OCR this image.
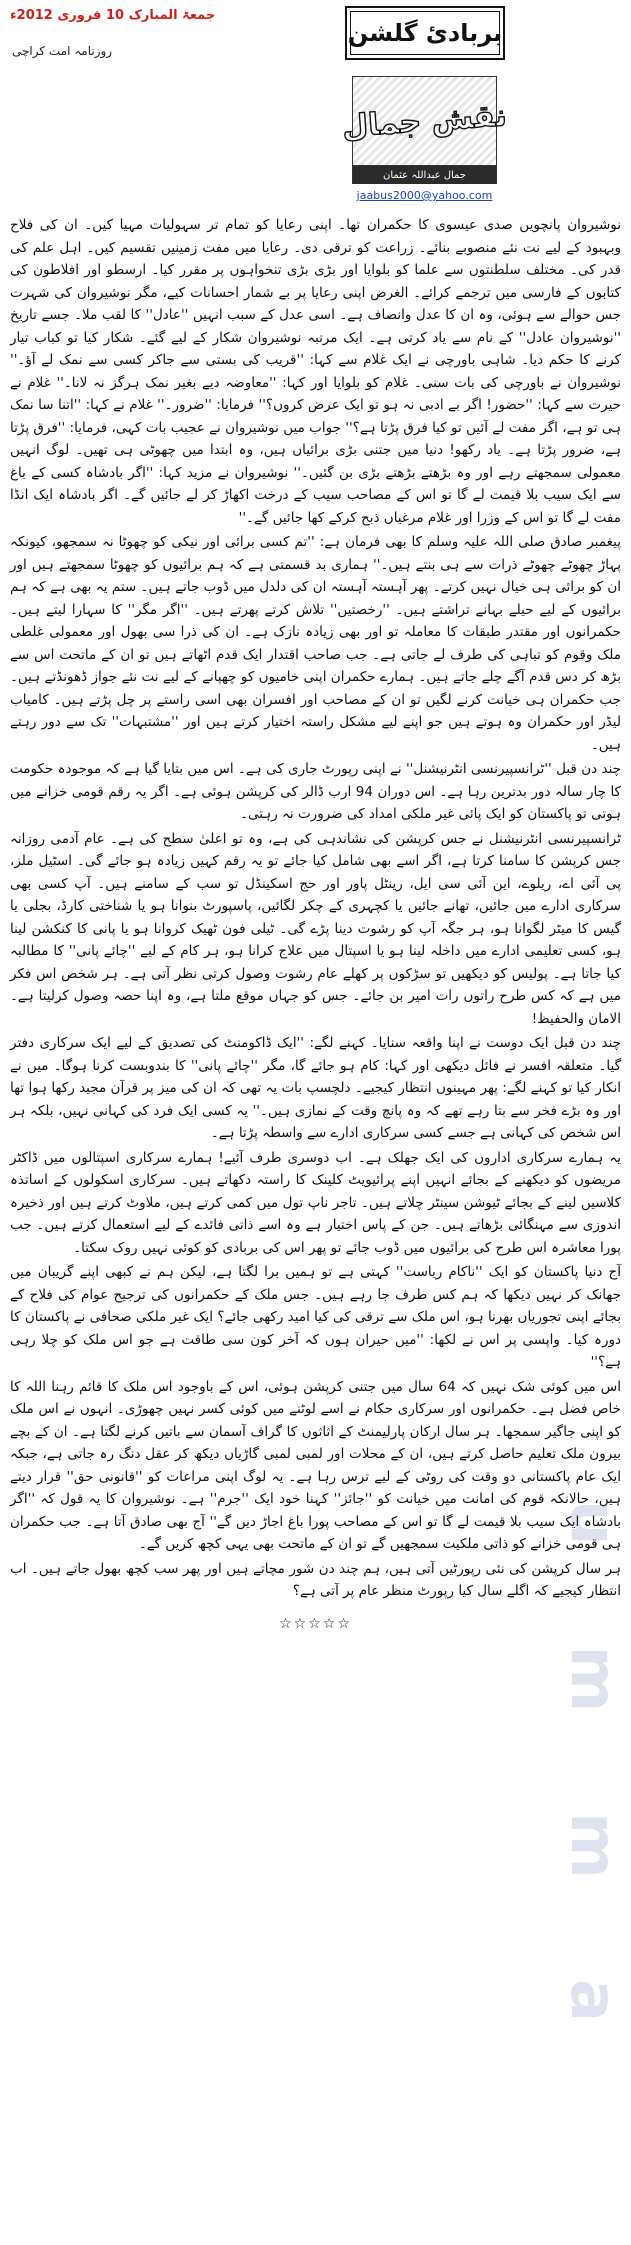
جمعۃ المبارک 10 فروری 2012ء
روزنامہ امت کراچی
بربادیٔ گلشن
نقش جمال
جمال عبداللہ عثمان
jaabus2000@yahoo.com

نوشیروان پانچویں صدی عیسوی کا حکمران تھا۔ اپنی رعایا کو تمام تر سہولیات مہیا کیں۔ ان کی فلاح وبہبود کے لیے نت نئے منصوبے بنائے۔ زراعت کو ترقی دی۔ رعایا میں مفت زمینیں تقسیم کیں۔ اہل علم کی قدر کی۔ مختلف سلطنتوں سے علما کو بلوایا اور بڑی بڑی تنخواہوں پر مقرر کیا۔ ارسطو اور افلاطون کی کتابوں کے فارسی میں ترجمے کرائے۔ الغرض اپنی رعایا پر بے شمار احسانات کیے، مگر نوشیروان کی شہرت جس حوالے سے ہوئی، وہ ان کا عدل وانصاف ہے۔ اسی عدل کے سبب انہیں ''عادل'' کا لقب ملا۔ جسے تاریخ ''نوشیروان عادل'' کے نام سے یاد کرتی ہے۔ ایک مرتبہ نوشیروان شکار کے لیے گئے۔ شکار کیا تو کباب تیار کرنے کا حکم دیا۔ شاہی باورچی نے ایک غلام سے کہا: ''قریب کی بستی سے جاکر کسی سے نمک لے آؤ۔'' نوشیروان نے باورچی کی بات سنی۔ غلام کو بلوایا اور کہا: ''معاوضہ دیے بغیر نمک ہرگز نہ لانا۔'' غلام نے حیرت سے کہا: ''حضور! اگر بے ادبی نہ ہو تو ایک عرض کروں؟'' فرمایا: ''ضرور۔'' غلام نے کہا: ''اتنا سا نمک ہی تو ہے، اگر مفت لے آئیں تو کیا فرق پڑتا ہے؟'' جواب میں نوشیروان نے عجیب بات کہی، فرمایا: ''فرق پڑتا ہے، ضرور پڑتا ہے۔ یاد رکھو! دنیا میں جتنی بڑی برائیاں ہیں، وہ ابتدا میں چھوٹی ہی تھیں۔ لوگ انہیں معمولی سمجھتے رہے اور وہ بڑھتے بڑھتے بڑی بن گئیں۔'' نوشیروان نے مزید کہا: ''اگر بادشاہ کسی کے باغ سے ایک سیب بلا قیمت لے گا تو اس کے مصاحب سیب کے درخت اکھاڑ کر لے جائیں گے۔ اگر بادشاہ ایک انڈا مفت لے گا تو اس کے وزرا اور غلام مرغیاں ذبح کرکے کھا جائیں گے۔''

پیغمبر صادق صلی اللہ علیہ وسلم کا بھی فرمان ہے: ''تم کسی برائی اور نیکی کو چھوٹا نہ سمجھو، کیونکہ پہاڑ چھوٹے چھوٹے ذرات سے ہی بنتے ہیں۔'' ہماری بد قسمتی ہے کہ ہم برائیوں کو چھوٹا سمجھتے ہیں اور ان کو برائی ہی خیال نہیں کرتے۔ پھر آہستہ آہستہ ان کی دلدل میں ڈوب جاتے ہیں۔ ستم یہ بھی ہے کہ ہم برائیوں کے لیے حیلے بہانے تراشتے ہیں۔ ''رخصتیں'' تلاش کرتے پھرتے ہیں۔ ''اگر مگر'' کا سہارا لیتے ہیں۔ حکمرانوں اور مقتدر طبقات کا معاملہ تو اور بھی زیادہ نازک ہے۔ ان کی ذرا سی بھول اور معمولی غلطی ملک وقوم کو تباہی کی طرف لے جاتی ہے۔ جب صاحب اقتدار ایک قدم اٹھاتے ہیں تو ان کے ماتحت اس سے بڑھ کر دس قدم آگے چلے جاتے ہیں۔ ہمارے حکمران اپنی خامیوں کو چھپانے کے لیے نت نئے جواز ڈھونڈتے ہیں۔ جب حکمران ہی خیانت کرنے لگیں تو ان کے مصاحب اور افسران بھی اسی راستے پر چل پڑتے ہیں۔ کامیاب لیڈر اور حکمران وہ ہوتے ہیں جو اپنے لیے مشکل راستہ اختیار کرتے ہیں اور ''مشتبہات'' تک سے دور رہتے ہیں۔

چند دن قبل ''ٹرانسپیرنسی انٹرنیشنل'' نے اپنی رپورٹ جاری کی ہے۔ اس میں بتایا گیا ہے کہ موجودہ حکومت کا چار سالہ دور بدترین رہا ہے۔ اس دوران 94 ارب ڈالر کی کرپشن ہوئی ہے۔ اگر یہ رقم قومی خزانے میں ہوتی تو پاکستان کو ایک پائی غیر ملکی امداد کی ضرورت نہ رہتی۔

ٹرانسپیرنسی انٹرنیشنل نے جس کرپشن کی نشاندہی کی ہے، وہ تو اعلیٰ سطح کی ہے۔ عام آدمی روزانہ جس کرپشن کا سامنا کرتا ہے، اگر اسے بھی شامل کیا جائے تو یہ رقم کہیں زیادہ ہو جائے گی۔ اسٹیل ملز، پی آئی اے، ریلوے، این آئی سی ایل، رینٹل پاور اور حج اسکینڈل تو سب کے سامنے ہیں۔ آپ کسی بھی سرکاری ادارے میں جائیں، تھانے جائیں یا کچہری کے چکر لگائیں، پاسپورٹ بنوانا ہو یا شناختی کارڈ، بجلی یا گیس کا میٹر لگوانا ہو، ہر جگہ آپ کو رشوت دینا پڑے گی۔ ٹیلی فون ٹھیک کروانا ہو یا پانی کا کنکشن لینا ہو، کسی تعلیمی ادارے میں داخلہ لینا ہو یا اسپتال میں علاج کرانا ہو، ہر کام کے لیے ''چائے پانی'' کا مطالبہ کیا جاتا ہے۔ پولیس کو دیکھیں تو سڑکوں پر کھلے عام رشوت وصول کرتی نظر آتی ہے۔ ہر شخص اس فکر میں ہے کہ کس طرح راتوں رات امیر بن جائے۔ جس کو جہاں موقع ملتا ہے، وہ اپنا حصہ وصول کرلیتا ہے۔ الامان والحفیظ!

چند دن قبل ایک دوست نے اپنا واقعہ سنایا۔ کہنے لگے: ''ایک ڈاکومنٹ کی تصدیق کے لیے ایک سرکاری دفتر گیا۔ متعلقہ افسر نے فائل دیکھی اور کہا: کام ہو جائے گا، مگر ''چائے پانی'' کا بندوبست کرنا ہوگا۔ میں نے انکار کیا تو کہنے لگے: پھر مہینوں انتظار کیجیے۔ دلچسپ بات یہ تھی کہ ان کی میز پر قرآن مجید رکھا ہوا تھا اور وہ بڑے فخر سے بتا رہے تھے کہ وہ پانچ وقت کے نمازی ہیں۔'' یہ کسی ایک فرد کی کہانی نہیں، بلکہ ہر اس شخص کی کہانی ہے جسے کسی سرکاری ادارے سے واسطہ پڑتا ہے۔

یہ ہمارے سرکاری اداروں کی ایک جھلک ہے۔ اب دوسری طرف آئیے! ہمارے سرکاری اسپتالوں میں ڈاکٹر مریضوں کو دیکھنے کے بجائے انہیں اپنے پرائیویٹ کلینک کا راستہ دکھاتے ہیں۔ سرکاری اسکولوں کے اساتذہ کلاسیں لینے کے بجائے ٹیوشن سینٹر چلاتے ہیں۔ تاجر ناپ تول میں کمی کرتے ہیں، ملاوٹ کرتے ہیں اور ذخیرہ اندوزی سے مہنگائی بڑھاتے ہیں۔ جن کے پاس اختیار ہے وہ اسے ذاتی فائدے کے لیے استعمال کرتے ہیں۔ جب پورا معاشرہ اس طرح کی برائیوں میں ڈوب جائے تو پھر اس کی بربادی کو کوئی نہیں روک سکتا۔

آج دنیا پاکستان کو ایک ''ناکام ریاست'' کہتی ہے تو ہمیں برا لگتا ہے، لیکن ہم نے کبھی اپنے گریبان میں جھانک کر نہیں دیکھا کہ ہم کس طرف جا رہے ہیں۔ جس ملک کے حکمرانوں کی ترجیح عوام کی فلاح کے بجائے اپنی تجوریاں بھرنا ہو، اس ملک سے ترقی کی کیا امید رکھی جائے؟ ایک غیر ملکی صحافی نے پاکستان کا دورہ کیا۔ واپسی پر اس نے لکھا: ''میں حیران ہوں کہ آخر کون سی طاقت ہے جو اس ملک کو چلا رہی ہے؟''

اس میں کوئی شک نہیں کہ 64 سال میں جتنی کرپشن ہوئی، اس کے باوجود اس ملک کا قائم رہنا اللہ کا خاص فضل ہے۔ حکمرانوں اور سرکاری حکام نے اسے لوٹنے میں کوئی کسر نہیں چھوڑی۔ انہوں نے اس ملک کو اپنی جاگیر سمجھا۔ ہر سال ارکان پارلیمنٹ کے اثاثوں کا گراف آسمان سے باتیں کرنے لگتا ہے۔ ان کے بچے بیرون ملک تعلیم حاصل کرتے ہیں، ان کے محلات اور لمبی لمبی گاڑیاں دیکھ کر عقل دنگ رہ جاتی ہے، جبکہ ایک عام پاکستانی دو وقت کی روٹی کے لیے ترس رہا ہے۔ یہ لوگ اپنی مراعات کو ''قانونی حق'' قرار دیتے ہیں، حالانکہ قوم کی امانت میں خیانت کو ''جائز'' کہنا خود ایک ''جرم'' ہے۔ نوشیروان کا یہ قول کہ ''اگر بادشاہ ایک سیب بلا قیمت لے گا تو اس کے مصاحب پورا باغ اجاڑ دیں گے'' آج بھی صادق آتا ہے۔ جب حکمران ہی قومی خزانے کو ذاتی ملکیت سمجھیں گے تو ان کے ماتحت بھی یہی کچھ کریں گے۔

ہر سال کرپشن کی نئی رپورٹیں آتی ہیں، ہم چند دن شور مچاتے ہیں اور پھر سب کچھ بھول جاتے ہیں۔ اب انتظار کیجیے کہ اگلے سال کیا رپورٹ منظر عام پر آتی ہے؟

☆☆☆☆☆	umma
